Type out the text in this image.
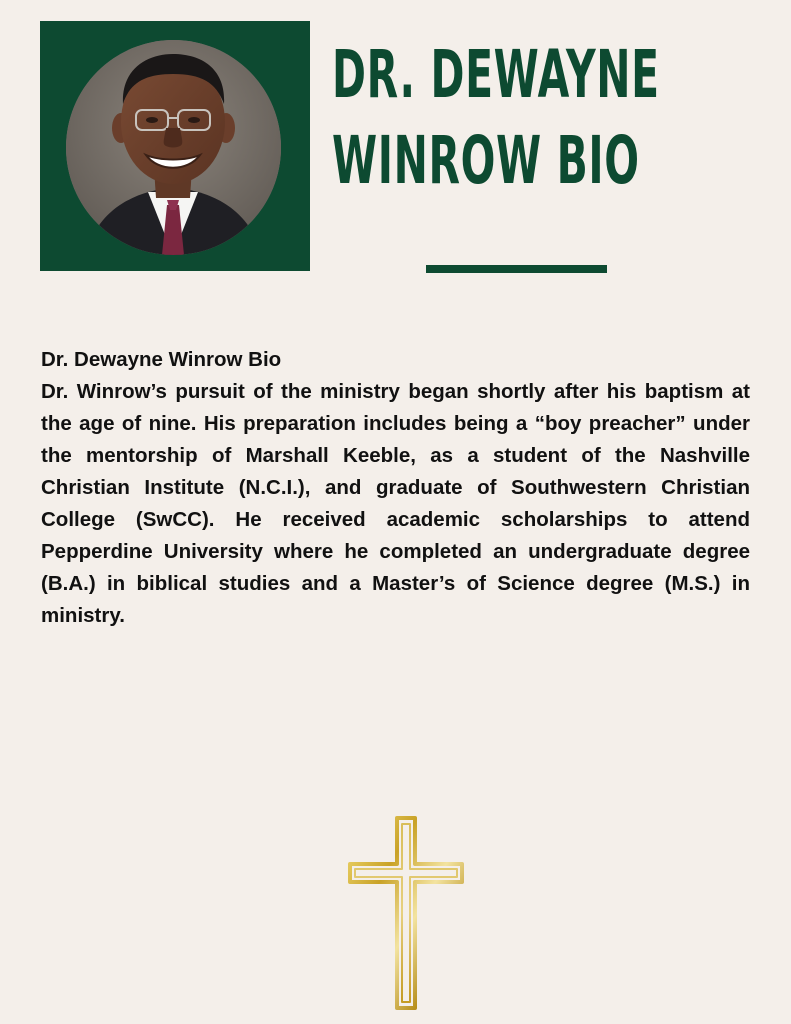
DR. DEWAYNE
WINROW BIO

Dr. Dewayne Winrow Bio

Dr. Winrow’s pursuit of the ministry began shortly after his baptism at the age of nine. His preparation includes being a “boy preacher” under the mentorship of Marshall Keeble, as a student of the Nashville Christian Institute (N.C.I.), and graduate of Southwestern Christian College (SwCC). He received academic scholarships to attend Pepperdine University where he completed an undergraduate degree (B.A.) in biblical studies and a Master’s of Science degree (M.S.) in ministry.
